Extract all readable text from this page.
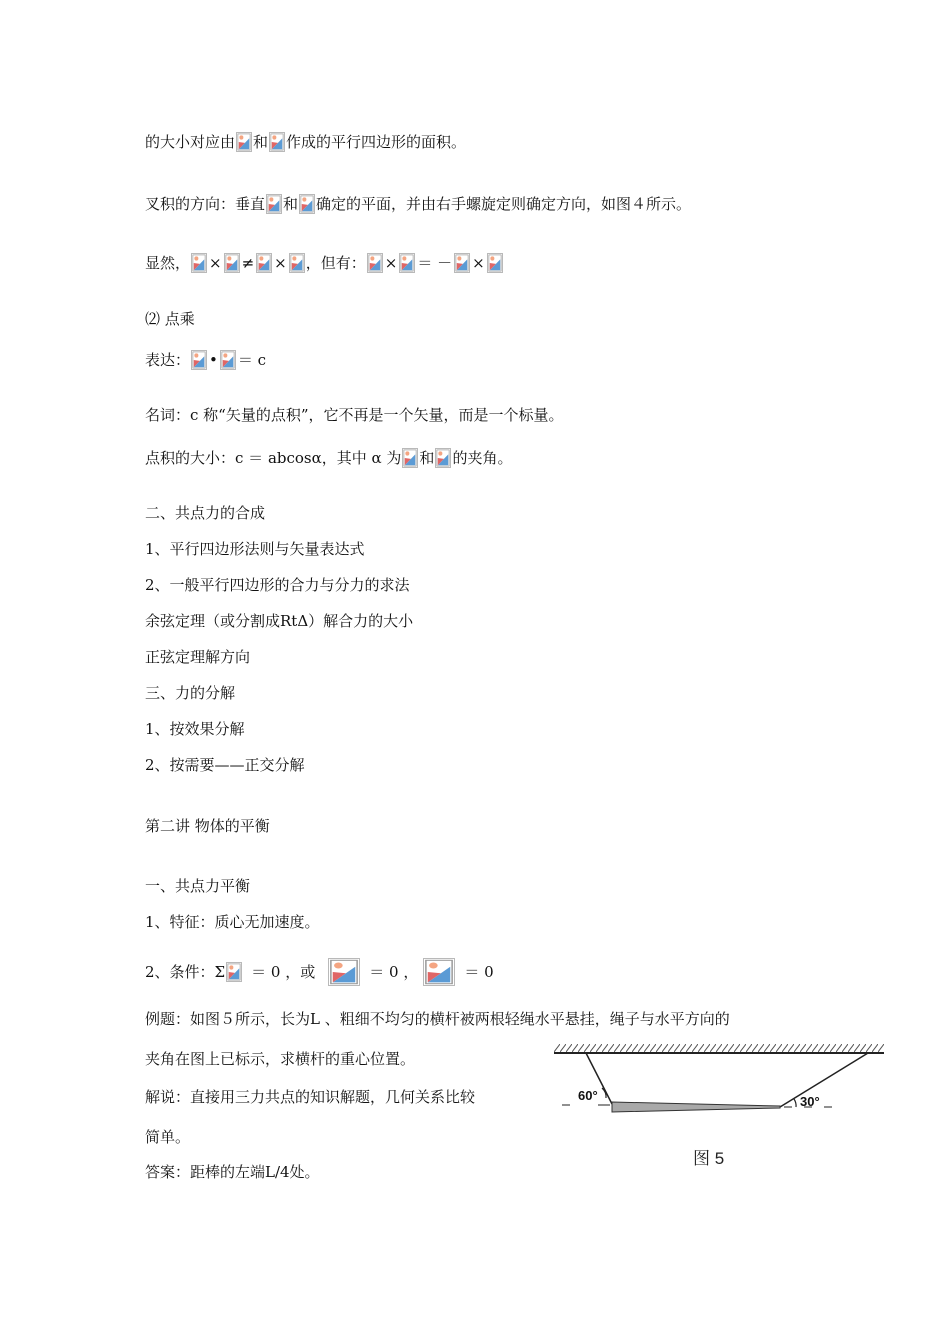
的大小对应由 和 作成的平行四边形的面积。
叉积的方向：垂直 和 确定的平面，并由右手螺旋定则确定方向，如图４所示。
显然， × ≠ × ，但有： × ＝ － ×
⑵ 点乘
表达： • ＝ c
名词：c 称“矢量的点积”，它不再是一个矢量，而是一个标量。
点积的大小：c ＝ abcosα，其中 α 为 和 的夹角。
二、共点力的合成
1、平行四边形法则与矢量表达式
2、一般平行四边形的合力与分力的求法
余弦定理（或分割成RtΔ）解合力的大小
正弦定理解方向
三、力的分解
1、按效果分解
2、按需要——正交分解
第二讲 物体的平衡
一、共点力平衡
1、特征：质心无加速度。
2、条件：Σ ＝ 0 ，或	＝ 0 ，	＝ 0
例题：如图５所示，长为L 、粗细不均匀的横杆被两根轻绳水平悬挂，绳子与水平方向的
夹角在图上已标示，求横杆的重心位置。
解说：直接用三力共点的知识解题，几何关系比较
简单。
答案：距棒的左端L/4处。
60°	30°
图 5
